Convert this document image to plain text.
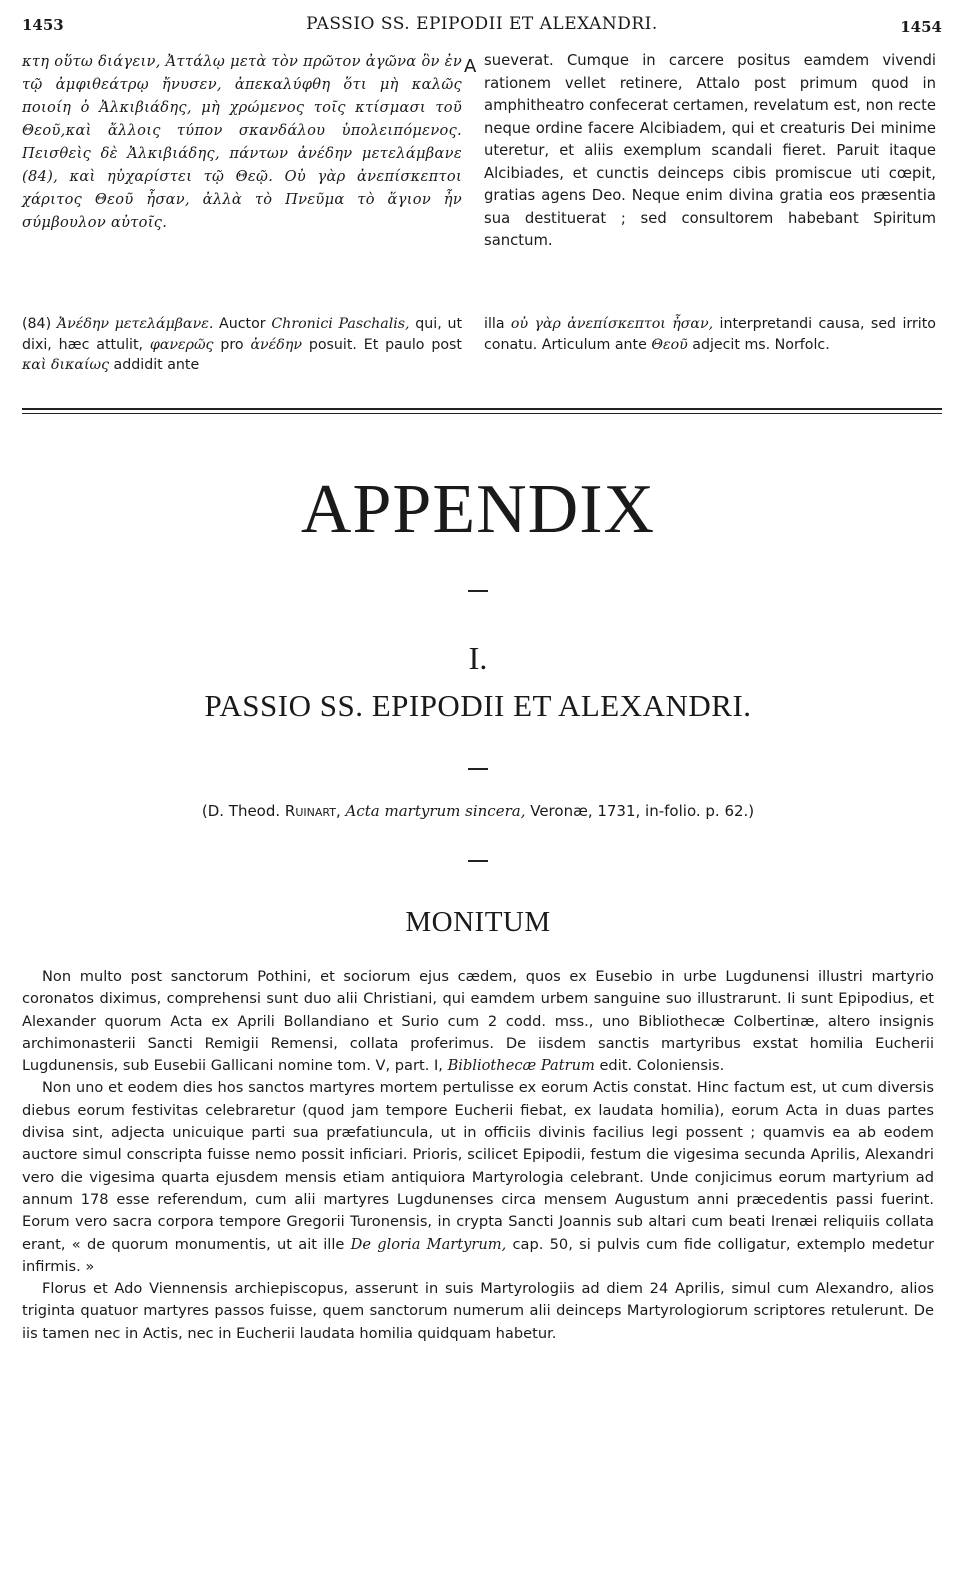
1453	PASSIO SS. EPIPODII ET ALEXANDRI.	1454

κτη οὕτω διάγειν, Ἀττάλῳ μετὰ τὸν πρῶτον ἀγῶνα ὃν ἐν τῷ ἀμφιθεάτρῳ ἤνυσεν, ἀπεκαλύφθη ὅτι μὴ καλῶς ποιοίη ὁ Ἀλκιβιάδης, μὴ χρώμενος τοῖς κτίσμασι τοῦ Θεοῦ,καὶ ἄλλοις τύπον σκανδάλου ὑπολειπόμενος. Πεισθεὶς δὲ Ἀλκιβιάδης, πάντων ἀνέδην μετελάμβανε (84), καὶ ηὐχαρίστει τῷ Θεῷ. Οὐ γὰρ ἀνεπίσκεπτοι χάριτος Θεοῦ ἦσαν, ἀλλὰ τὸ Πνεῦμα τὸ ἅγιον ἦν σύμβουλον αὐτοῖς.

A sueverat. Cumque in carcere positus eamdem vivendi rationem vellet retinere, Attalo post primum quod in amphitheatro confecerat certamen, revelatum est, non recte neque ordine facere Alcibiadem, qui et creaturis Dei minime uteretur, et aliis exemplum scandali fieret. Paruit itaque Alcibiades, et cunctis deinceps cibis promiscue uti cœpit, gratias agens Deo. Neque enim divina gratia eos præsentia sua destituerat ; sed consultorem habebant Spiritum sanctum.

(84) Ἀνέδην μετελάμβανε. Auctor Chronici Paschalis, qui, ut dixi, hæc attulit, φανερῶς pro ἀνέδην posuit. Et paulo post καὶ δικαίως addidit ante

illa οὐ γὰρ ἀνεπίσκεπτοι ἦσαν, interpretandi causa, sed irrito conatu. Articulum ante Θεοῦ adjecit ms. Norfolc.

APPENDIX
I.
PASSIO SS. EPIPODII ET ALEXANDRI.
(D. Theod. Ruinart, Acta martyrum sincera, Veronæ, 1731, in-folio. p. 62.)
MONITUM

Non multo post sanctorum Pothini, et sociorum ejus cædem, quos ex Eusebio in urbe Lugdunensi illustri martyrio coronatos diximus, comprehensi sunt duo alii Christiani, qui eamdem urbem sanguine suo illustrarunt. Ii sunt Epipodius, et Alexander quorum Acta ex Aprili Bollandiano et Surio cum 2 codd. mss., uno Bibliothecæ Colbertinæ, altero insignis archimonasterii Sancti Remigii Remensi, collata proferimus. De iisdem sanctis martyribus exstat homilia Eucherii Lugdunensis, sub Eusebii Gallicani nomine tom. V, part. I, Bibliothecæ Patrum edit. Coloniensis.

Non uno et eodem dies hos sanctos martyres mortem pertulisse ex eorum Actis constat. Hinc factum est, ut cum diversis diebus eorum festivitas celebraretur (quod jam tempore Eucherii fiebat, ex laudata homilia), eorum Acta in duas partes divisa sint, adjecta unicuique parti sua præfatiuncula, ut in officiis divinis facilius legi possent ; quamvis ea ab eodem auctore simul conscripta fuisse nemo possit inficiari. Prioris, scilicet Epipodii, festum die vigesima secunda Aprilis, Alexandri vero die vigesima quarta ejusdem mensis etiam antiquiora Martyrologia celebrant. Unde conjicimus eorum martyrium ad annum 178 esse referendum, cum alii martyres Lugdunenses circa mensem Augustum anni præcedentis passi fuerint. Eorum vero sacra corpora tempore Gregorii Turonensis, in crypta Sancti Joannis sub altari cum beati Irenæi reliquiis collata erant, « de quorum monumentis, ut ait ille De gloria Martyrum, cap. 50, si pulvis cum fide colligatur, extemplo medetur infirmis. »

Florus et Ado Viennensis archiepiscopus, asserunt in suis Martyrologiis ad diem 24 Aprilis, simul cum Alexandro, alios triginta quatuor martyres passos fuisse, quem sanctorum numerum alii deinceps Martyrologiorum scriptores retulerunt. De iis tamen nec in Actis, nec in Eucherii laudata homilia quidquam habetur.
